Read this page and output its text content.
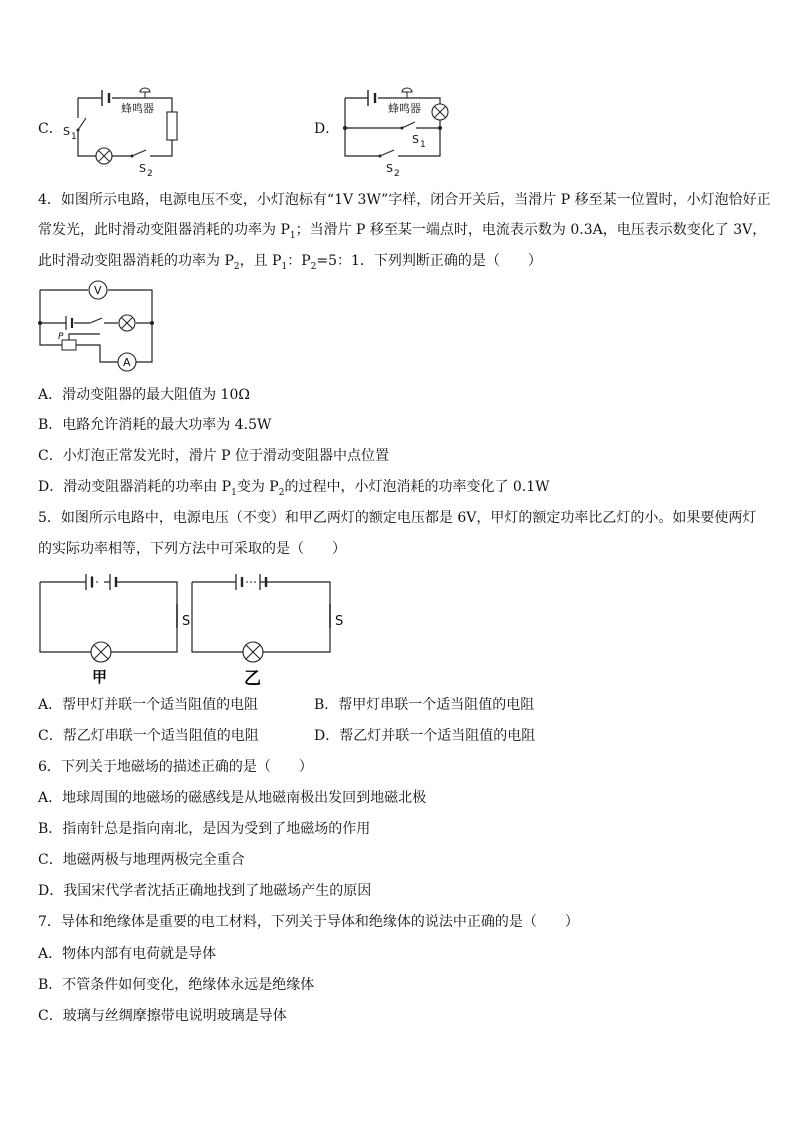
C．
蜂鸣器
S 1
S 2
蜂鸣器
S 1
S 2
D．
4．如图所示电路，电源电压不变，小灯泡标有“1V 3W”字样，闭合开关后，当滑片 P 移至某一位置时，小灯泡恰好正
常发光，此时滑动变阻器消耗的功率为 $P_1$；当滑片 P 移至某一端点时，电流表示数为 0.3A，电压表示数变化了 3V，
此时滑动变阻器消耗的功率为 $P_2$，且 $P_1$：$P_2=5$：1．下列判断正确的是（　　）
V
P
A
A．滑动变阻器的最大阻值为 10Ω
B．电路允许消耗的最大功率为 4.5W
C．小灯泡正常发光时，滑片 P 位于滑动变阻器中点位置
D．滑动变阻器消耗的功率由 $P_1$变为 $P_2$的过程中，小灯泡消耗的功率变化了 0.1W
5．如图所示电路中，电源电压（不变）和甲乙两灯的额定电压都是 6V，甲灯的额定功率比乙灯的小。如果要使两灯
的实际功率相等，下列方法中可采取的是（　　）
S
甲
S
乙
A．帮甲灯并联一个适当阻值的电阻	B．帮甲灯串联一个适当阻值的电阻
C．帮乙灯串联一个适当阻值的电阻	D．帮乙灯并联一个适当阻值的电阻
6．下列关于地磁场的描述正确的是（　　）
A．地球周围的地磁场的磁感线是从地磁南极出发回到地磁北极
B．指南针总是指向南北，是因为受到了地磁场的作用
C．地磁两极与地理两极完全重合
D．我国宋代学者沈括正确地找到了地磁场产生的原因
7．导体和绝缘体是重要的电工材料，下列关于导体和绝缘体的说法中正确的是（　　）
A．物体内部有电荷就是导体
B．不管条件如何变化，绝缘体永远是绝缘体
C．玻璃与丝绸摩擦带电说明玻璃是导体
